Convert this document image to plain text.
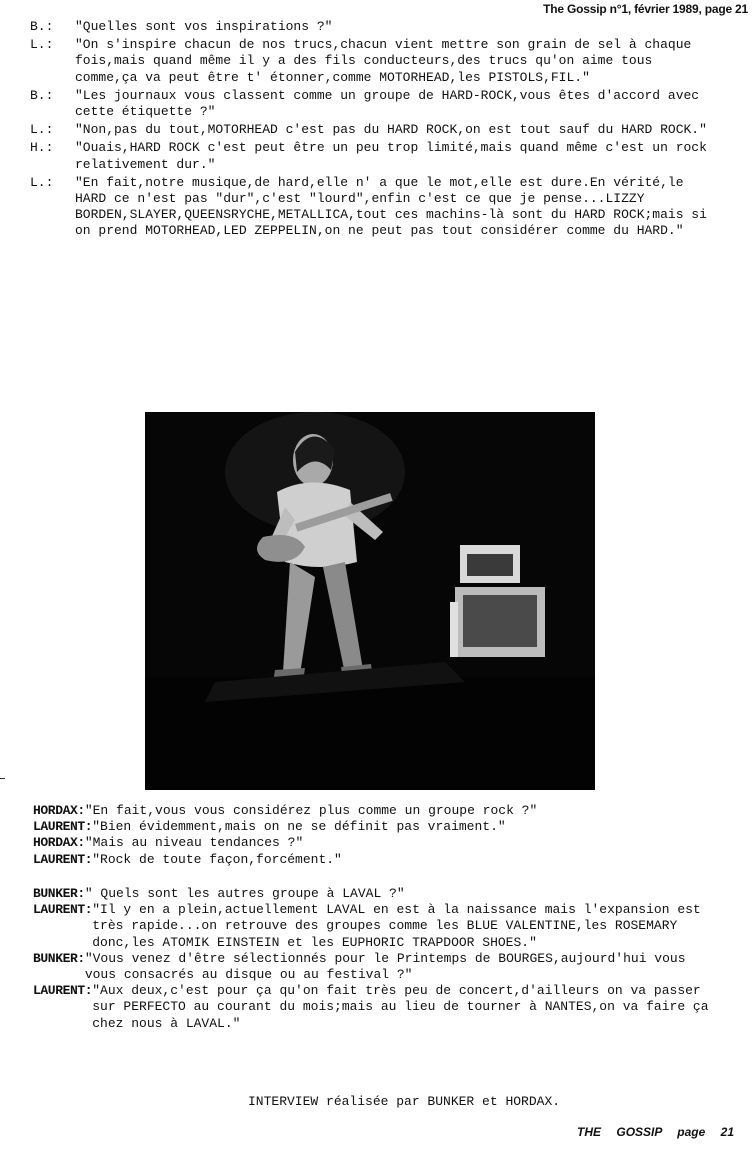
The Gossip n°1, février 1989, page 21
B.:	"Quelles sont vos inspirations ?"
L.:	"On s'inspire chacun de nos trucs,chacun vient mettre son grain de sel à chaque fois,mais quand même il y a des fils conducteurs,des trucs qu'on aime tous comme,ça va peut être t' étonner,comme MOTORHEAD,les PISTOLS,FIL."
B.:	"Les journaux vous classent comme un groupe de HARD-ROCK,vous êtes d'accord avec cette étiquette ?"
L.:	"Non,pas du tout,MOTORHEAD c'est pas du HARD ROCK,on est tout sauf du HARD ROCK."
H.:	"Ouais,HARD ROCK c'est peut être un peu trop limité,mais quand même c'est un rock relativement dur."
L.:	"En fait,notre musique,de hard,elle n' a que le mot,elle est dure.En vérité,le HARD ce n'est pas "dur",c'est "lourd",enfin c'est ce que je pense...LIZZY BORDEN,SLAYER,QUEENSRYCHE,METALLICA,tout ces machins-là sont du HARD ROCK;mais si on prend MOTORHEAD,LED ZEPPELIN,on ne peut pas tout considérer comme du HARD."
HORDAX: "En fait,vous vous considérez plus comme un groupe rock ?"
LAURENT: "Bien évidemment,mais on ne se définit pas vraiment."
HORDAX: "Mais au niveau tendances ?"
LAURENT: "Rock de toute façon,forcément."
BUNKER: " Quels sont les autres groupe à LAVAL ?"
LAURENT: "Il y en a plein,actuellement LAVAL en est à la naissance mais l'expansion est très rapide...on retrouve des groupes comme les BLUE VALENTINE,les ROSEMARY donc,les ATOMIK EINSTEIN et les EUPHORIC TRAPDOOR SHOES."
BUNKER: "Vous venez d'être sélectionnés pour le Printemps de BOURGES,aujourd'hui vous vous consacrés au disque ou au festival ?"
LAURENT: "Aux deux,c'est pour ça qu'on fait très peu de concert,d'ailleurs on va passer sur PERFECTO au courant du mois;mais au lieu de tourner à NANTES,on va faire ça chez nous à LAVAL."
INTERVIEW réalisée par BUNKER et HORDAX.
THE GOSSIP page 21
